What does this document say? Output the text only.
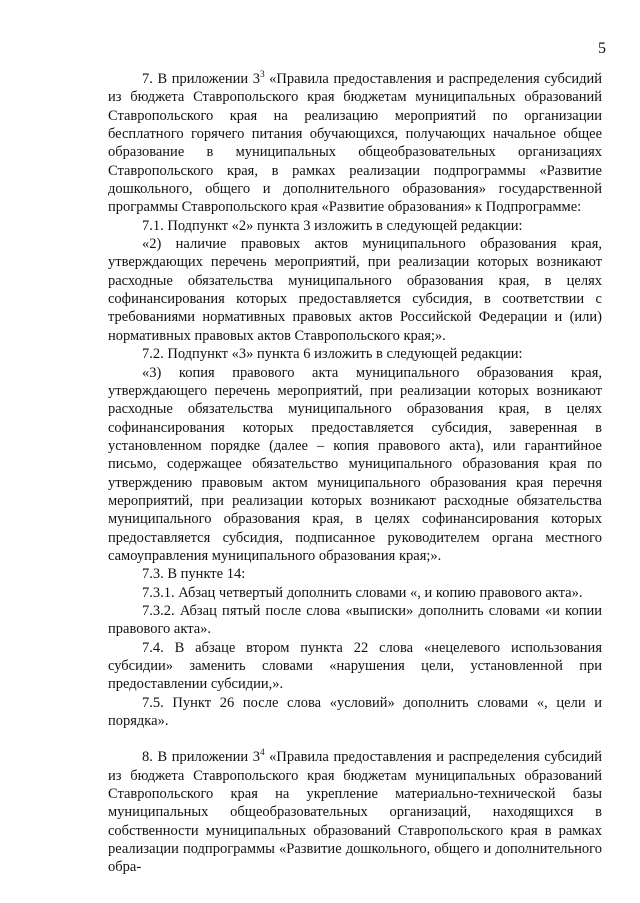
5

7. В приложении $3^3$ «Правила предоставления и распределения субсидий из бюджета Ставропольского края бюджетам муниципальных образований Ставропольского края на реализацию мероприятий по организации бесплатного горячего питания обучающихся, получающих начальное общее образование в муниципальных общеобразовательных организациях Ставропольского края, в рамках реализации подпрограммы «Развитие дошкольного, общего и дополнительного образования» государственной программы Ставропольского края «Развитие образования» к Подпрограмме:

7.1. Подпункт «2» пункта 3 изложить в следующей редакции:

«2) наличие правовых актов муниципального образования края, утверждающих перечень мероприятий, при реализации которых возникают расходные обязательства муниципального образования края, в целях софинансирования которых предоставляется субсидия, в соответствии с требованиями нормативных правовых актов Российской Федерации и (или) нормативных правовых актов Ставропольского края;».

7.2. Подпункт «3» пункта 6 изложить в следующей редакции:

«3) копия правового акта муниципального образования края, утверждающего перечень мероприятий, при реализации которых возникают расходные обязательства муниципального образования края, в целях софинансирования которых предоставляется субсидия, заверенная в установленном порядке (далее – копия правового акта), или гарантийное письмо, содержащее обязательство муниципального образования края по утверждению правовым актом муниципального образования края перечня мероприятий, при реализации которых возникают расходные обязательства муниципального образования края, в целях софинансирования которых предоставляется субсидия, подписанное руководителем органа местного самоуправления муниципального образования края;».

7.3. В пункте 14:

7.3.1. Абзац четвертый дополнить словами «, и копию правового акта».

7.3.2. Абзац пятый после слова «выписки» дополнить словами «и копии правового акта».

7.4. В абзаце втором пункта 22 слова «нецелевого использования субсидии» заменить словами «нарушения цели, установленной при предоставлении субсидии,».

7.5. Пункт 26 после слова «условий» дополнить словами «, цели и порядка».

8. В приложении $3^4$ «Правила предоставления и распределения субсидий из бюджета Ставропольского края бюджетам муниципальных образований Ставропольского края на укрепление материально-технической базы муниципальных общеобразовательных организаций, находящихся в собственности муниципальных образований Ставропольского края в рамках реализации подпрограммы «Развитие дошкольного, общего и дополнительного обра-
